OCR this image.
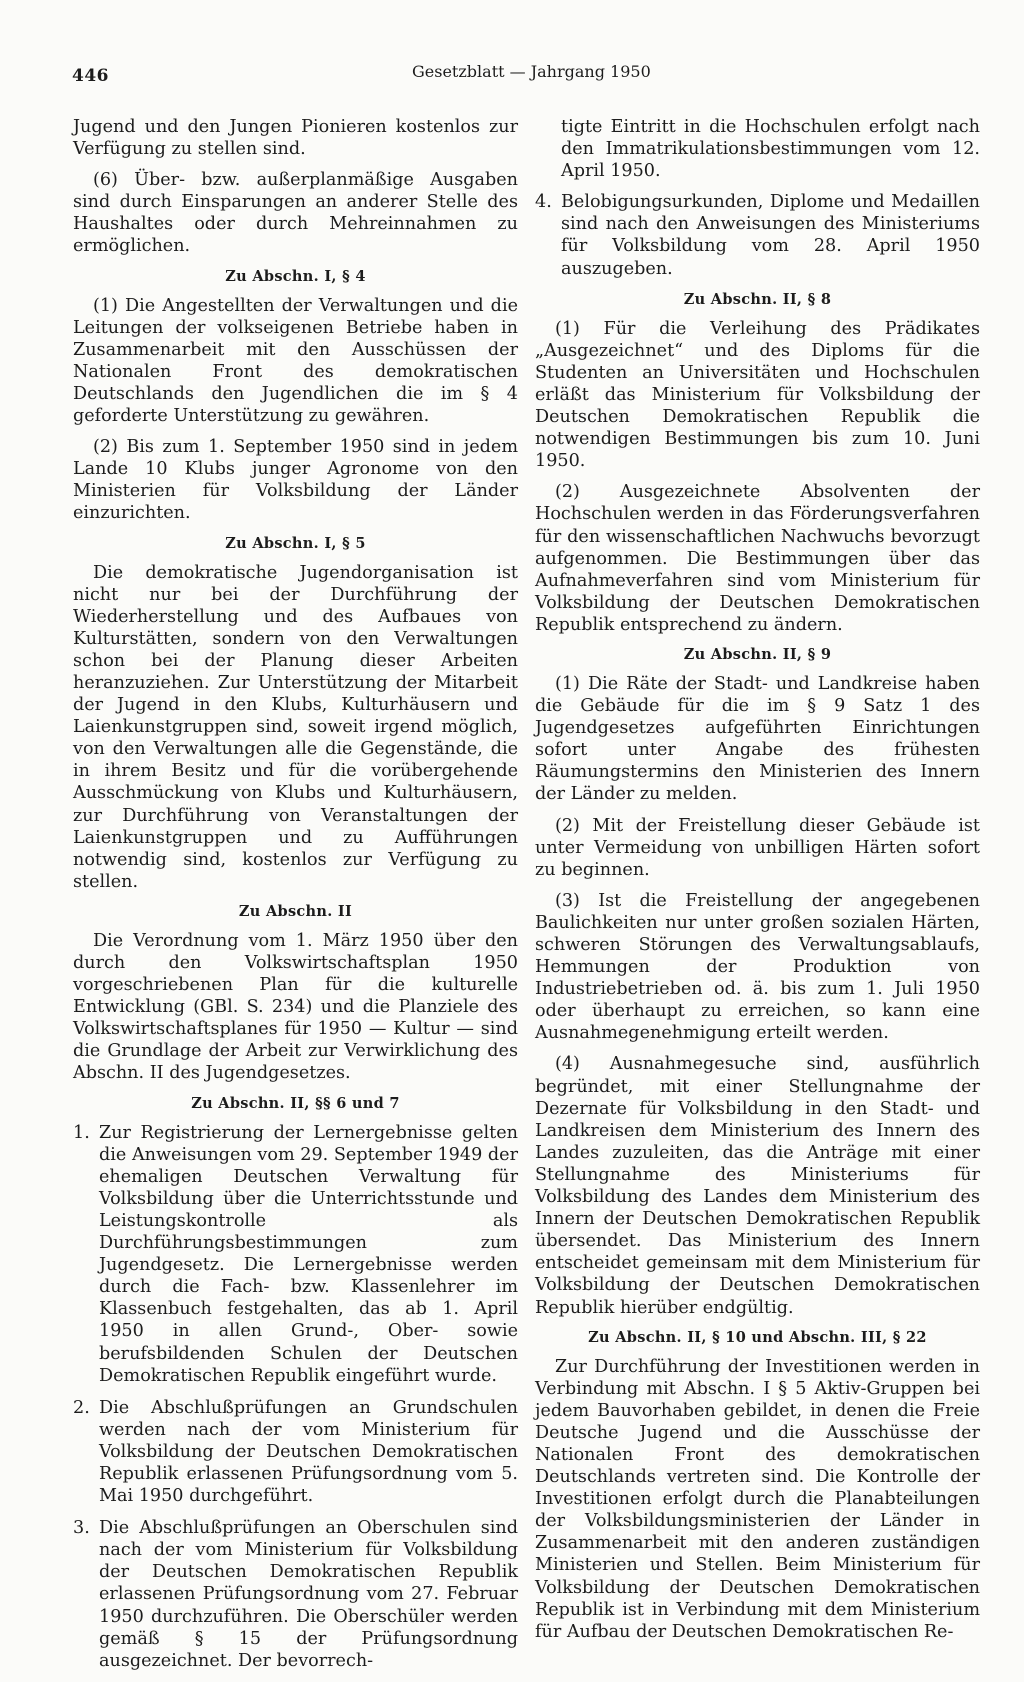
446	Gesetzblatt — Jahrgang 1950

Jugend und den Jungen Pionieren kostenlos zur Verfügung zu stellen sind.

(6) Über- bzw. außerplanmäßige Ausgaben sind durch Einsparungen an anderer Stelle des Haushaltes oder durch Mehreinnahmen zu ermöglichen.

Zu Abschn. I, § 4

(1) Die Angestellten der Verwaltungen und die Leitungen der volkseigenen Betriebe haben in Zusammenarbeit mit den Ausschüssen der Nationalen Front des demokratischen Deutschlands den Jugendlichen die im § 4 geforderte Unterstützung zu gewähren.

(2) Bis zum 1. September 1950 sind in jedem Lande 10 Klubs junger Agronome von den Ministerien für Volksbildung der Länder einzurichten.

Zu Abschn. I, § 5

Die demokratische Jugendorganisation ist nicht nur bei der Durchführung der Wiederherstellung und des Aufbaues von Kulturstätten, sondern von den Verwaltungen schon bei der Planung dieser Arbeiten heranzuziehen. Zur Unterstützung der Mitarbeit der Jugend in den Klubs, Kulturhäusern und Laienkunstgruppen sind, soweit irgend möglich, von den Verwaltungen alle die Gegenstände, die in ihrem Besitz und für die vorübergehende Ausschmückung von Klubs und Kulturhäusern, zur Durchführung von Veranstaltungen der Laienkunstgruppen und zu Aufführungen notwendig sind, kostenlos zur Verfügung zu stellen.

Zu Abschn. II

Die Verordnung vom 1. März 1950 über den durch den Volkswirtschaftsplan 1950 vorgeschriebenen Plan für die kulturelle Entwicklung (GBl. S. 234) und die Planziele des Volkswirtschaftsplanes für 1950 — Kultur — sind die Grundlage der Arbeit zur Verwirklichung des Abschn. II des Jugendgesetzes.

Zu Abschn. II, §§ 6 und 7
1. Zur Registrierung der Lernergebnisse gelten die Anweisungen vom 29. September 1949 der ehemaligen Deutschen Verwaltung für Volksbildung über die Unterrichtsstunde und Leistungskontrolle als Durchführungsbestimmungen zum Jugendgesetz. Die Lernergebnisse werden durch die Fach- bzw. Klassenlehrer im Klassenbuch festgehalten, das ab 1. April 1950 in allen Grund-, Ober- sowie berufsbildenden Schulen der Deutschen Demokratischen Republik eingeführt wurde.
2. Die Abschlußprüfungen an Grundschulen werden nach der vom Ministerium für Volksbildung der Deutschen Demokratischen Republik erlassenen Prüfungsordnung vom 5. Mai 1950 durchgeführt.
3. Die Abschlußprüfungen an Oberschulen sind nach der vom Ministerium für Volksbildung der Deutschen Demokratischen Republik erlassenen Prüfungsordnung vom 27. Februar 1950 durchzuführen. Die Oberschüler werden gemäß § 15 der Prüfungsordnung ausgezeichnet. Der bevorrech-

tigte Eintritt in die Hochschulen erfolgt nach den Immatrikulationsbestimmungen vom 12. April 1950.

4. Belobigungsurkunden, Diplome und Medaillen sind nach den Anweisungen des Ministeriums für Volksbildung vom 28. April 1950 auszugeben.
Zu Abschn. II, § 8

(1) Für die Verleihung des Prädikates „Ausgezeichnet“ und des Diploms für die Studenten an Universitäten und Hochschulen erläßt das Ministerium für Volksbildung der Deutschen Demokratischen Republik die notwendigen Bestimmungen bis zum 10. Juni 1950.

(2) Ausgezeichnete Absolventen der Hochschulen werden in das Förderungsverfahren für den wissenschaftlichen Nachwuchs bevorzugt aufgenommen. Die Bestimmungen über das Aufnahmeverfahren sind vom Ministerium für Volksbildung der Deutschen Demokratischen Republik entsprechend zu ändern.

Zu Abschn. II, § 9

(1) Die Räte der Stadt- und Landkreise haben die Gebäude für die im § 9 Satz 1 des Jugendgesetzes aufgeführten Einrichtungen sofort unter Angabe des frühesten Räumungstermins den Ministerien des Innern der Länder zu melden.

(2) Mit der Freistellung dieser Gebäude ist unter Vermeidung von unbilligen Härten sofort zu beginnen.

(3) Ist die Freistellung der angegebenen Baulichkeiten nur unter großen sozialen Härten, schweren Störungen des Verwaltungsablaufs, Hemmungen der Produktion von Industriebetrieben od. ä. bis zum 1. Juli 1950 oder überhaupt zu erreichen, so kann eine Ausnahmegenehmigung erteilt werden.

(4) Ausnahmegesuche sind, ausführlich begründet, mit einer Stellungnahme der Dezernate für Volksbildung in den Stadt- und Landkreisen dem Ministerium des Innern des Landes zuzuleiten, das die Anträge mit einer Stellungnahme des Ministeriums für Volksbildung des Landes dem Ministerium des Innern der Deutschen Demokratischen Republik übersendet. Das Ministerium des Innern entscheidet gemeinsam mit dem Ministerium für Volksbildung der Deutschen Demokratischen Republik hierüber endgültig.

Zu Abschn. II, § 10 und Abschn. III, § 22

Zur Durchführung der Investitionen werden in Verbindung mit Abschn. I § 5 Aktiv-Gruppen bei jedem Bauvorhaben gebildet, in denen die Freie Deutsche Jugend und die Ausschüsse der Nationalen Front des demokratischen Deutschlands vertreten sind. Die Kontrolle der Investitionen erfolgt durch die Planabteilungen der Volksbildungsministerien der Länder in Zusammenarbeit mit den anderen zuständigen Ministerien und Stellen. Beim Ministerium für Volksbildung der Deutschen Demokratischen Republik ist in Verbindung mit dem Ministerium für Aufbau der Deutschen Demokratischen Re-
